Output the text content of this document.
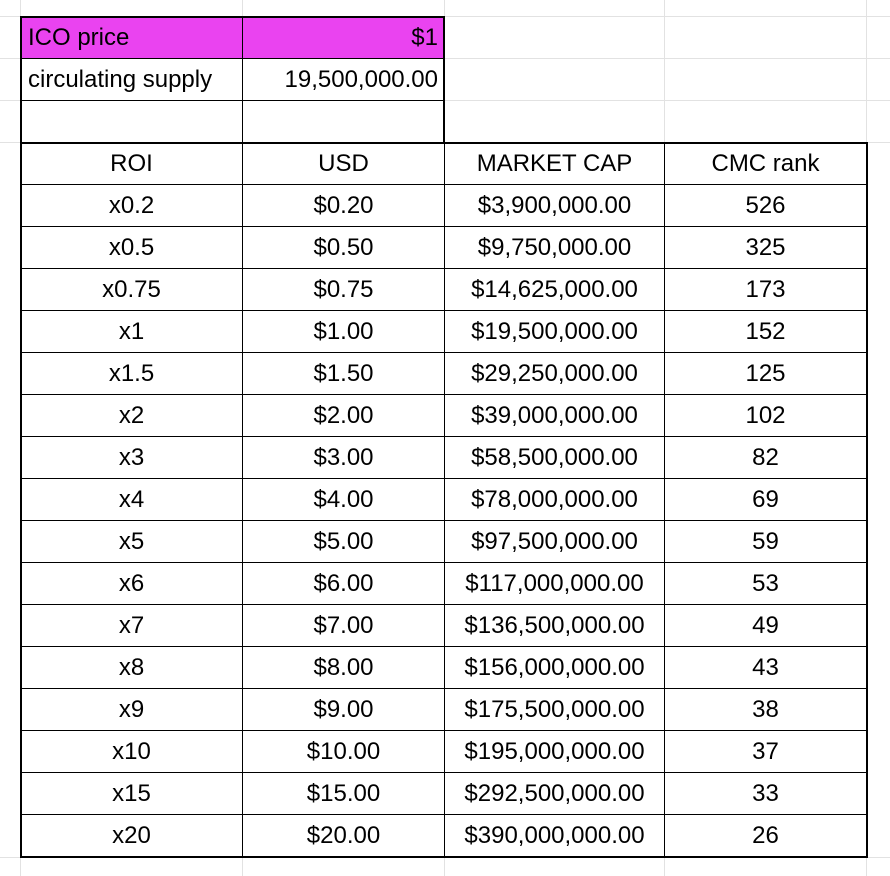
ICO price	$1
circulating supply	19,500,000.00
ROI	USD	MARKET CAP	CMC rank
x0.2	$0.20	$3,900,000.00	526
x0.5	$0.50	$9,750,000.00	325
x0.75	$0.75	$14,625,000.00	173
x1	$1.00	$19,500,000.00	152
x1.5	$1.50	$29,250,000.00	125
x2	$2.00	$39,000,000.00	102
x3	$3.00	$58,500,000.00	82
x4	$4.00	$78,000,000.00	69
x5	$5.00	$97,500,000.00	59
x6	$6.00	$117,000,000.00	53
x7	$7.00	$136,500,000.00	49
x8	$8.00	$156,000,000.00	43
x9	$9.00	$175,500,000.00	38
x10	$10.00	$195,000,000.00	37
x15	$15.00	$292,500,000.00	33
x20	$20.00	$390,000,000.00	26
